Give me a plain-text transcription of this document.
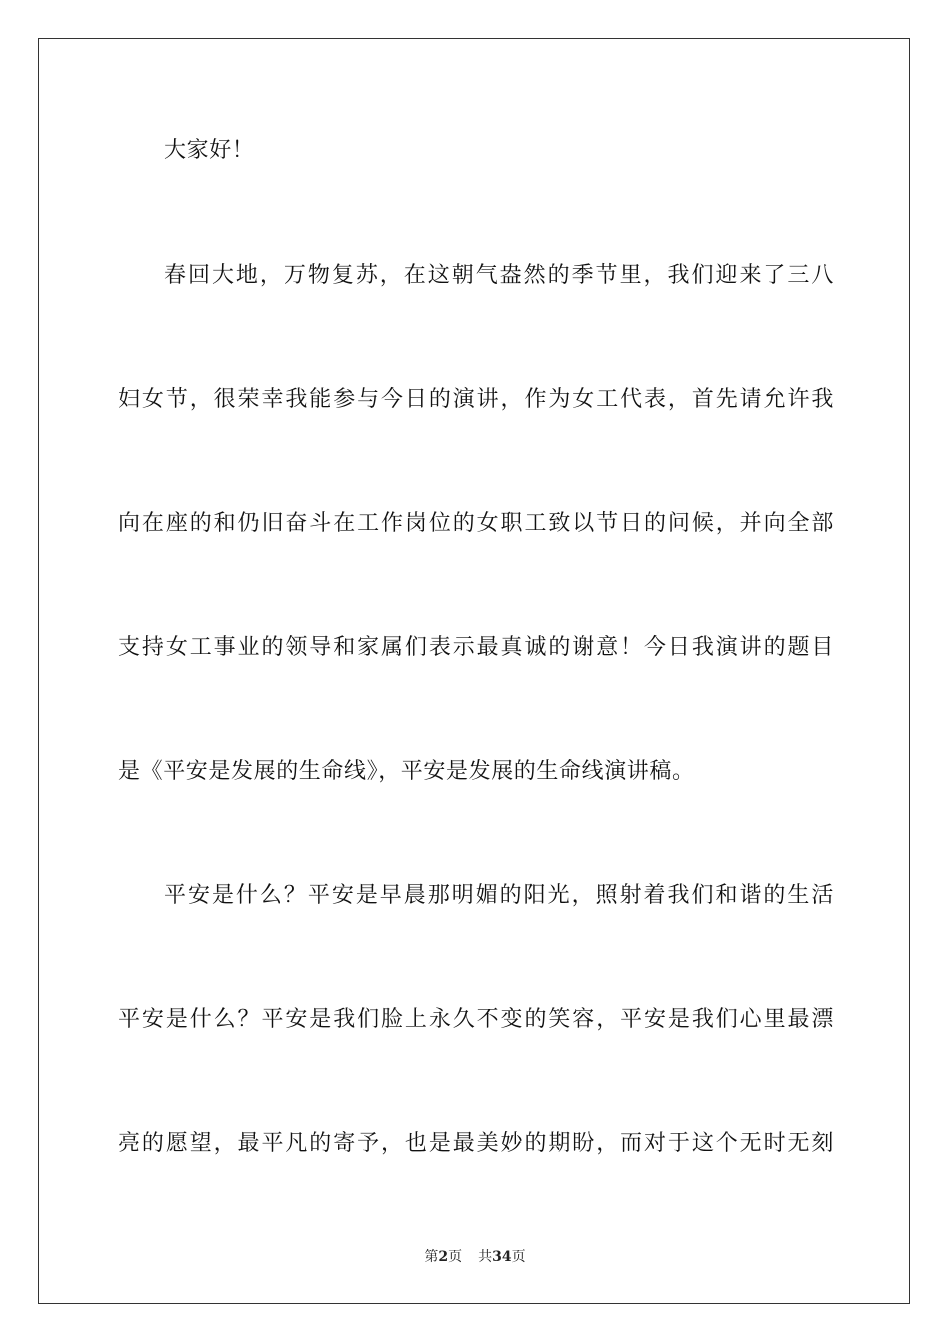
大家好！
春回大地，万物复苏，在这朝气盎然的季节里，我们迎来了三八
妇女节，很荣幸我能参与今日的演讲，作为女工代表，首先请允许我
向在座的和仍旧奋斗在工作岗位的女职工致以节日的问候，并向全部
支持女工事业的领导和家属们表示最真诚的谢意！今日我演讲的题目
是《平安是发展的生命线》，平安是发展的生命线演讲稿。
平安是什么？平安是早晨那明媚的阳光，照射着我们和谐的生活
平安是什么？平安是我们脸上永久不变的笑容，平安是我们心里最漂
亮的愿望，最平凡的寄予，也是最美妙的期盼，而对于这个无时无刻
第2页 共34页
